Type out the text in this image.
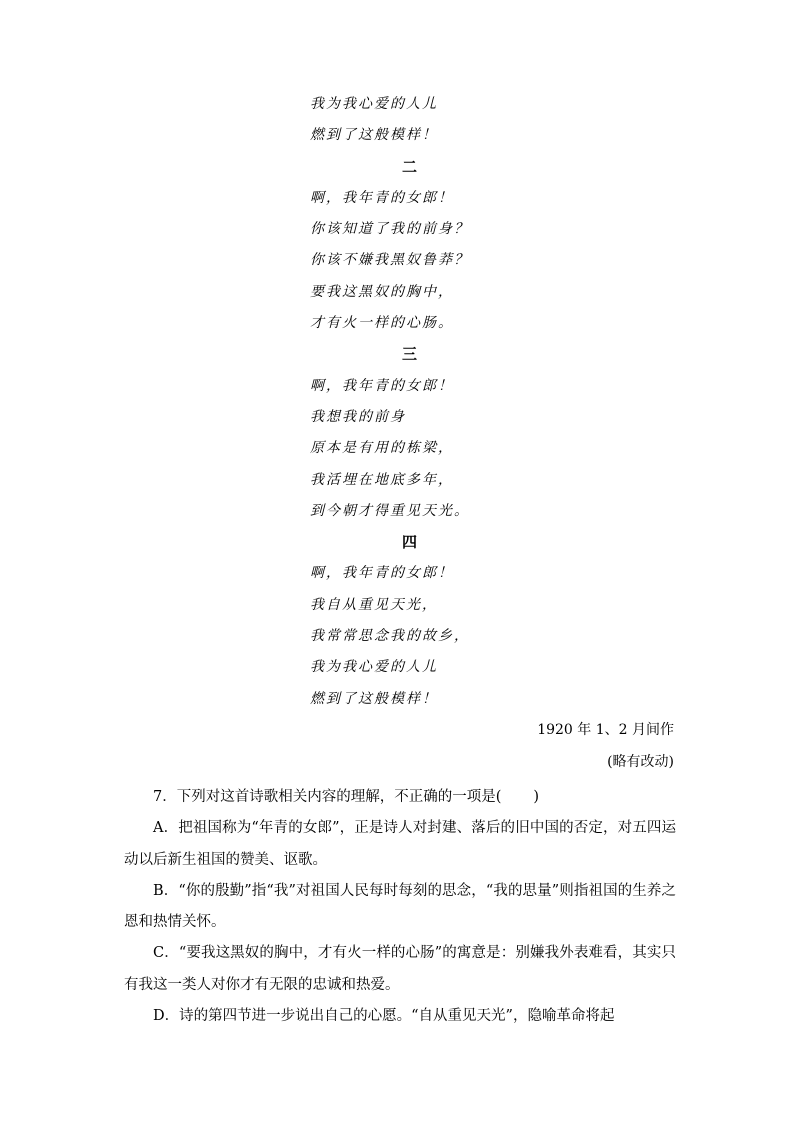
我为我心爱的人儿
燃到了这般模样！
二
啊，我年青的女郎！
你该知道了我的前身？
你该不嫌我黑奴鲁莽？
要我这黑奴的胸中，
才有火一样的心肠。
三
啊，我年青的女郎！
我想我的前身
原本是有用的栋梁，
我活埋在地底多年，
到今朝才得重见天光。
四
啊，我年青的女郎！
我自从重见天光，
我常常思念我的故乡，
我为我心爱的人儿
燃到了这般模样！
1920 年 1、2 月间作
(略有改动)

7．下列对这首诗歌相关内容的理解，不正确的一项是( )

A．把祖国称为“年青的女郎”，正是诗人对封建、落后的旧中国的否定，对五四运动以后新生祖国的赞美、讴歌。

B．“你的殷勤”指“我”对祖国人民每时每刻的思念，“我的思量”则指祖国的生养之恩和热情关怀。

C．“要我这黑奴的胸中，才有火一样的心肠”的寓意是：别嫌我外表难看，其实只有我这一类人对你才有无限的忠诚和热爱。

D．诗的第四节进一步说出自己的心愿。“自从重见天光”，隐喻革命将起
